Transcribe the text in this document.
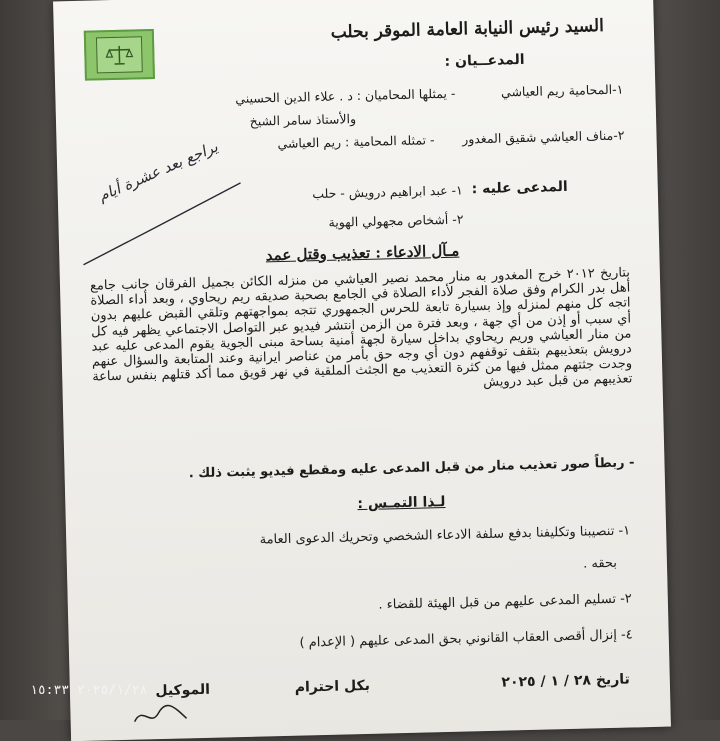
السيد رئيس النيابة العامة الموقر بحلب
المدعــيان :
١-المحامية ريم العياشي
- يمثلها المحاميان : د . علاء الدين الحسيني
والأستاذ سامر الشيخ
٢-مناف العياشي شقيق المغدور
- تمثله المحامية : ريم العياشي
يراجع بعد عشرة أيام	المدعى عليه :
١- عبد ابراهيم درويش - حلب
٢- أشخاص مجهولي الهوية
مـآل الادعاء : تعذيب وقتل عمد
بتاريخ ٢٠١٢ خرج المغدور به منار محمد نصير العياشي من منزله الكائن بجميل الفرقان جانب جامع أهل بدر الكرام وفق صلاة الفجر لأداء الصلاة في الجامع بصحبة صديقه ريم ريحاوي ، وبعد أداء الصلاة اتجه كل منهم لمنزله وإذ بسيارة تابعة للحرس الجمهوري تتجه بمواجهتهم وتلقي القبض عليهم بدون أي سبب أو إذن من أي جهة ، وبعد فترة من الزمن انتشر فيديو عبر التواصل الاجتماعي يظهر فيه كل من منار العياشي وريم ريحاوي بداخل سيارة لجهة أمنية بساحة مبنى الجوية يقوم المدعى عليه عبد درويش بتعذيبهم بتقف توقفهم دون أي وجه حق بأمر من عناصر ايرانية وعند المتابعة والسؤال عنهم وجدت جثتهم ممثل فيها من كثرة التعذيب مع الجثث الملقية في نهر قويق مما أكد قتلهم بنفس ساعة تعذيبهم من قبل عبد درويش
- ربطاً صور تعذيب منار من قبل المدعى عليه ومقطع فيديو يثبت ذلك .
لـذا التمـس :
١- تنصيبنا وتكليفنا بدفع سلفة الادعاء الشخصي وتحريك الدعوى العامة
بحقه .
٢- تسليم المدعى عليهم من قبل الهيئة للقضاء .
٤- إنزال أقصى العقاب القانوني بحق المدعى عليهم ( الإعدام )
تاريخ ٢٨ / ١ / ٢٠٢٥
بكل احترام
الموكيل
٢٠٢٥/١/٢٨ ١٥:٣٣
